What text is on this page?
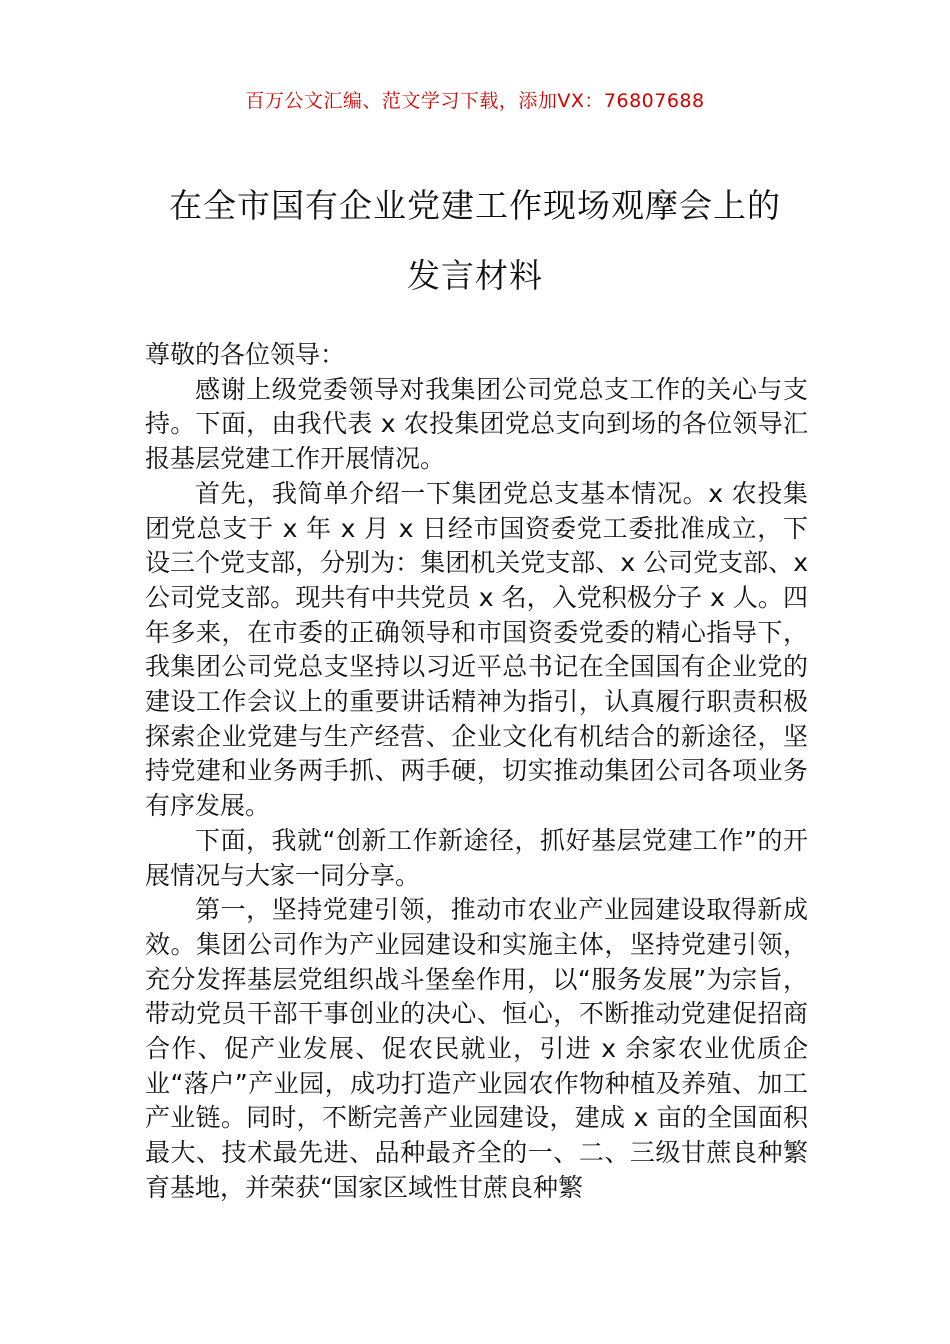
百万公文汇编、范文学习下载，添加VX：76807688
在全市国有企业党建工作现场观摩会上的
发言材料

尊敬的各位领导：

感谢上级党委领导对我集团公司党总支工作的关心与支持。下面，由我代表 x 农投集团党总支向到场的各位领导汇报基层党建工作开展情况。

首先，我简单介绍一下集团党总支基本情况。x 农投集团党总支于 x 年 x 月 x 日经市国资委党工委批准成立，下设三个党支部，分别为：集团机关党支部、x 公司党支部、x 公司党支部。现共有中共党员 x 名，入党积极分子 x 人。四年多来，在市委的正确领导和市国资委党委的精心指导下，我集团公司党总支坚持以习近平总书记在全国国有企业党的建设工作会议上的重要讲话精神为指引，认真履行职责积极探索企业党建与生产经营、企业文化有机结合的新途径，坚持党建和业务两手抓、两手硬，切实推动集团公司各项业务有序发展。

下面，我就“创新工作新途径，抓好基层党建工作”的开展情况与大家一同分享。

第一，坚持党建引领，推动市农业产业园建设取得新成效。集团公司作为产业园建设和实施主体，坚持党建引领，充分发挥基层党组织战斗堡垒作用，以“服务发展”为宗旨，带动党员干部干事创业的决心、恒心，不断推动党建促招商合作、促产业发展、促农民就业，引进 x 余家农业优质企业“落户”产业园，成功打造产业园农作物种植及养殖、加工产业链。同时，不断完善产业园建设，建成 x 亩的全国面积最大、技术最先进、品种最齐全的一、二、三级甘蔗良种繁育基地，并荣获“国家区域性甘蔗良种繁
